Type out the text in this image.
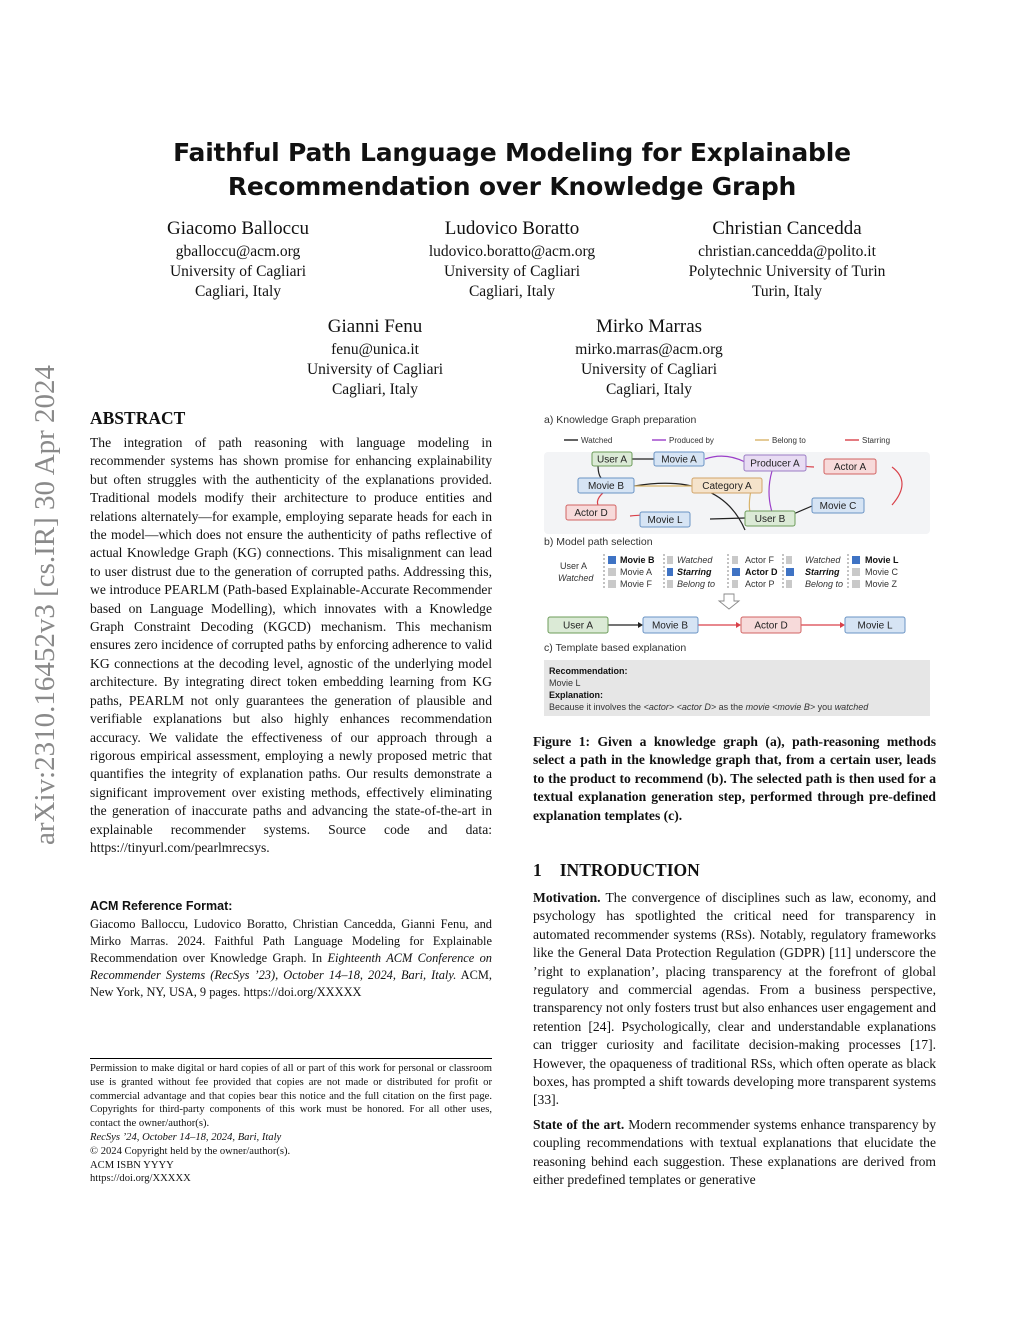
arXiv:2310.16452v3 [cs.IR] 30 Apr 2024
Faithful Path Language Modeling for Explainable
Recommendation over Knowledge Graph
Giacomo Balloccu
gballoccu@acm.org
University of Cagliari
Cagliari, Italy
Ludovico Boratto
ludovico.boratto@acm.org
University of Cagliari
Cagliari, Italy
Christian Cancedda
christian.cancedda@polito.it
Polytechnic University of Turin
Turin, Italy
Gianni Fenu
fenu@unica.it
University of Cagliari
Cagliari, Italy
Mirko Marras
mirko.marras@acm.org
University of Cagliari
Cagliari, Italy
ABSTRACT
The integration of path reasoning with language modeling in recommender systems has shown promise for enhancing explainability but often struggles with the authenticity of the explanations provided. Traditional models modify their architecture to produce entities and relations alternately—for example, employing separate heads for each in the model—which does not ensure the authenticity of paths reflective of actual Knowledge Graph (KG) connections. This misalignment can lead to user distrust due to the generation of corrupted paths. Addressing this, we introduce PEARLM (Path-based Explainable-Accurate Recommender based on Language Modelling), which innovates with a Knowledge Graph Constraint Decoding (KGCD) mechanism. This mechanism ensures zero incidence of corrupted paths by enforcing adherence to valid KG connections at the decoding level, agnostic of the underlying model architecture. By integrating direct token embedding learning from KG paths, PEARLM not only guarantees the generation of plausible and verifiable explanations but also highly enhances recommendation accuracy. We validate the effectiveness of our approach through a rigorous empirical assessment, employing a newly proposed metric that quantifies the integrity of explanation paths. Our results demonstrate a significant improvement over existing methods, effectively eliminating the generation of inaccurate paths and advancing the state-of-the-art in explainable recommender systems. Source code and data: https://tinyurl.com/pearlmrecsys.
ACM Reference Format:
Giacomo Balloccu, Ludovico Boratto, Christian Cancedda, Gianni Fenu, and Mirko Marras. 2024. Faithful Path Language Modeling for Explainable Recommendation over Knowledge Graph. In Eighteenth ACM Conference on Recommender Systems (RecSys ’23), October 14–18, 2024, Bari, Italy. ACM, New York, NY, USA, 9 pages. https://doi.org/XXXXX
Permission to make digital or hard copies of all or part of this work for personal or classroom use is granted without fee provided that copies are not made or distributed for profit or commercial advantage and that copies bear this notice and the full citation on the first page. Copyrights for third-party components of this work must be honored. For all other uses, contact the owner/author(s).
RecSys ’24, October 14–18, 2024, Bari, Italy
© 2024 Copyright held by the owner/author(s).
ACM ISBN YYYY
https://doi.org/XXXXX
a) Knowledge Graph preparation
Watched	Produced by	Belong to	Starring
User A	Movie A	Producer A	Actor A
Movie B	Category A
Actor D
Movie L	User B
Movie C
b) Model path selection
User A
Watched
Movie B
Movie A
Movie F
Watched
Starring
Belong to
Actor F
Actor D
Actor P
Watched
Starring
Belong to
Movie L
Movie C
Movie Z
User A	Movie B	Actor D	Movie L
c) Template based explanation
Recommendation:
Movie L
Explanation:
Because it involves the <actor> <actor D> as the movie <movie B> you watched
Figure 1: Given a knowledge graph (a), path-reasoning methods select a path in the knowledge graph that, from a certain user, leads to the product to recommend (b). The selected path is then used for a textual explanation generation step, performed through pre-defined explanation templates (c).
1 INTRODUCTION
Motivation. The convergence of disciplines such as law, economy, and psychology has spotlighted the critical need for transparency in automated recommender systems (RSs). Notably, regulatory frameworks like the General Data Protection Regulation (GDPR) [11] underscore the ’right to explanation’, placing transparency at the forefront of global regulatory and commercial agendas. From a business perspective, transparency not only fosters trust but also enhances user engagement and retention [24]. Psychologically, clear and understandable explanations can trigger curiosity and facilitate decision-making processes [17]. However, the opaqueness of traditional RSs, which often operate as black boxes, has prompted a shift towards developing more transparent systems [33].
State of the art. Modern recommender systems enhance transparency by coupling recommendations with textual explanations that elucidate the reasoning behind each suggestion. These explanations are derived from either predefined templates or generative
